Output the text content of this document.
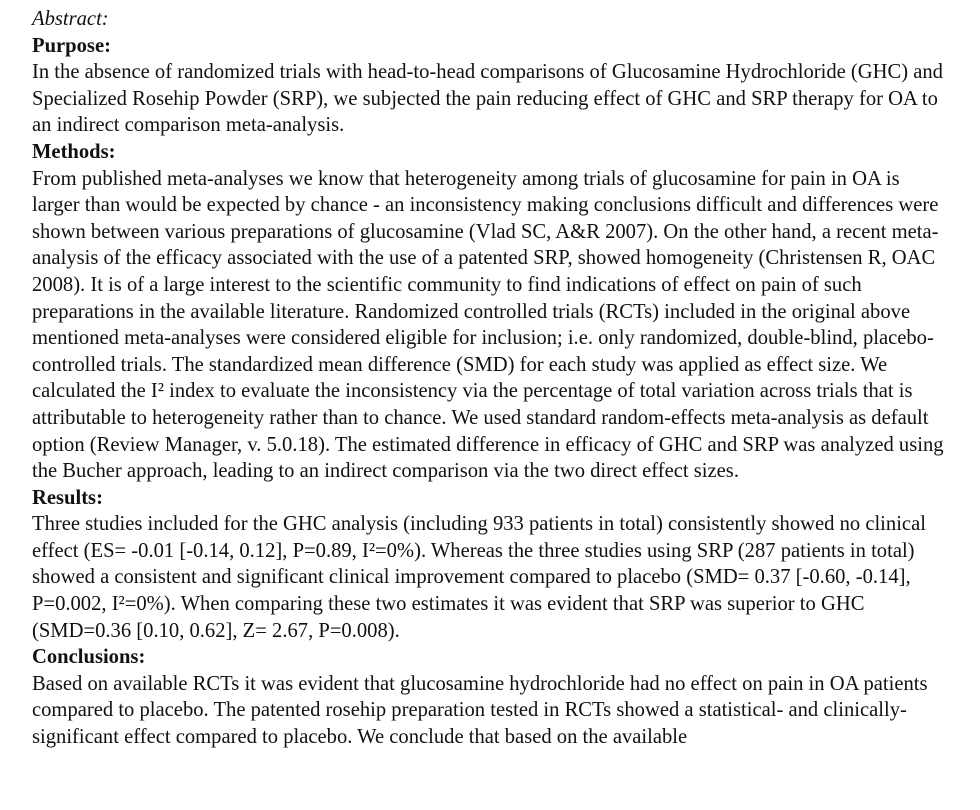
Abstract:

Purpose:

In the absence of randomized trials with head-to-head comparisons of Glucosamine Hydrochloride (GHC) and Specialized Rosehip Powder (SRP), we subjected the pain reducing effect of GHC and SRP therapy for OA to an indirect comparison meta-analysis.

Methods:

From published meta-analyses we know that heterogeneity among trials of glucosamine for pain in OA is larger than would be expected by chance - an inconsistency making conclusions difficult and differences were shown between various preparations of glucosamine (Vlad SC, A&R 2007). On the other hand, a recent meta-analysis of the efficacy associated with the use of a patented SRP, showed homogeneity (Christensen R, OAC 2008). It is of a large interest to the scientific community to find indications of effect on pain of such preparations in the available literature. Randomized controlled trials (RCTs) included in the original above mentioned meta-analyses were considered eligible for inclusion; i.e. only randomized, double-blind, placebo-controlled trials. The standardized mean difference (SMD) for each study was applied as effect size. We calculated the I² index to evaluate the inconsistency via the percentage of total variation across trials that is attributable to heterogeneity rather than to chance. We used standard random-effects meta-analysis as default option (Review Manager, v. 5.0.18). The estimated difference in efficacy of GHC and SRP was analyzed using the Bucher approach, leading to an indirect comparison via the two direct effect sizes.

Results:

Three studies included for the GHC analysis (including 933 patients in total) consistently showed no clinical effect (ES= -0.01 [-0.14, 0.12], P=0.89, I²=0%). Whereas the three studies using SRP (287 patients in total) showed a consistent and significant clinical improvement compared to placebo (SMD= 0.37 [-0.60, -0.14], P=0.002, I²=0%). When comparing these two estimates it was evident that SRP was superior to GHC (SMD=0.36 [0.10, 0.62], Z= 2.67, P=0.008).

Conclusions:

Based on available RCTs it was evident that glucosamine hydrochloride had no effect on pain in OA patients compared to placebo. The patented rosehip preparation tested in RCTs showed a statistical- and clinically-significant effect compared to placebo. We conclude that based on the available
